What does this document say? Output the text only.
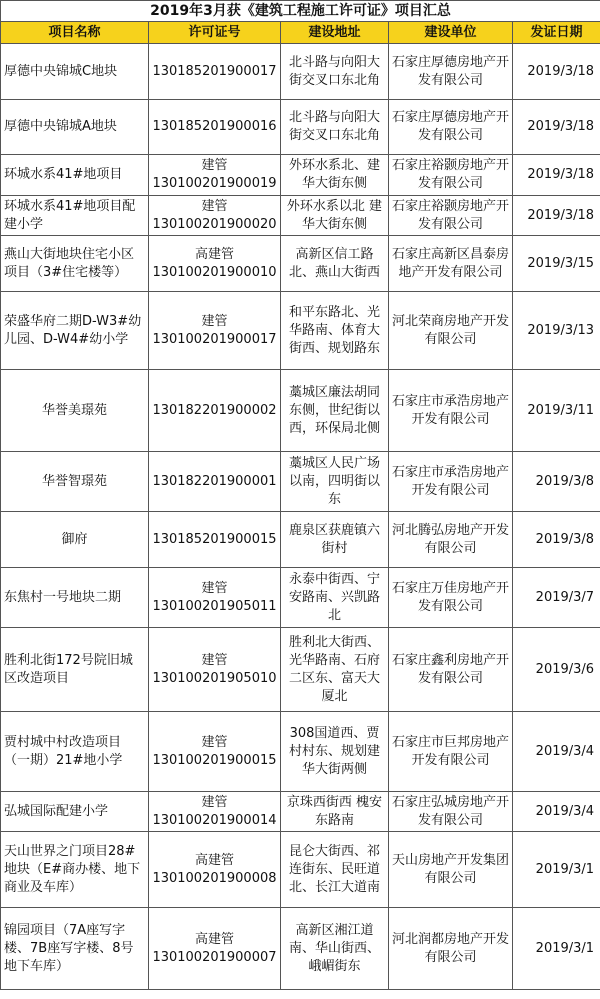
2019年3月获《建筑工程施工许可证》项目汇总				
项目名称	许可证号	建设地址	建设单位	发证日期
厚德中央锦城C地块	130185201900017	北斗路与向阳大街交叉口东北角	石家庄厚德房地产开发有限公司	2019/3/18
厚德中央锦城A地块	130185201900016	北斗路与向阳大街交叉口东北角	石家庄厚德房地产开发有限公司	2019/3/18
环城水系41#地项目	建管 130100201900019	外环水系北、建华大街东侧	石家庄裕颢房地产开发有限公司	2019/3/18
环城水系41#地项目配建小学	建管 130100201900020	外环水系以北 建华大街东侧	石家庄裕颢房地产开发有限公司	2019/3/18
燕山大街地块住宅小区项目（3#住宅楼等）	高建管 130100201900010	高新区信工路北、燕山大街西	石家庄高新区昌泰房地产开发有限公司	2019/3/15
荣盛华府二期D-W3#幼儿园、D-W4#幼小学	建管 130100201900017	和平东路北、光华路南、体育大街西、规划路东	河北荣商房地产开发有限公司	2019/3/13
华誉美璟苑	130182201900002	藁城区廉法胡同东侧，世纪街以西，环保局北侧	石家庄市承浩房地产开发有限公司	2019/3/11
华誉智璟苑	130182201900001	藁城区人民广场以南，四明街以东	石家庄市承浩房地产开发有限公司	2019/3/8
御府	130185201900015	鹿泉区获鹿镇六街村	河北腾弘房地产开发有限公司	2019/3/8
东焦村一号地块二期	建管 130100201905011	永泰中街西、宁安路南、兴凯路北	石家庄万佳房地产开发有限公司	2019/3/7
胜利北街172号院旧城区改造项目	建管 130100201905010	胜利北大街西、光华路南、石府二区东、富天大厦北	石家庄鑫利房地产开发有限公司	2019/3/6
贾村城中村改造项目（一期）21#地小学	建管 130100201900015	308国道西、贾村村东、规划建华大街两侧	石家庄市巨邦房地产开发有限公司	2019/3/4
弘城国际配建小学	建管 130100201900014	京珠西街西 槐安东路南	石家庄弘城房地产开发有限公司	2019/3/4
天山世界之门项目28#地块（E#商办楼、地下商业及车库）	高建管 130100201900008	昆仑大街西、祁连街东、民旺道北、长江大道南	天山房地产开发集团有限公司	2019/3/1
锦园项目（7A座写字楼、7B座写字楼、8号地下车库）	高建管 130100201900007	高新区湘江道南、华山街西、峨嵋街东	河北润都房地产开发有限公司	2019/3/1
